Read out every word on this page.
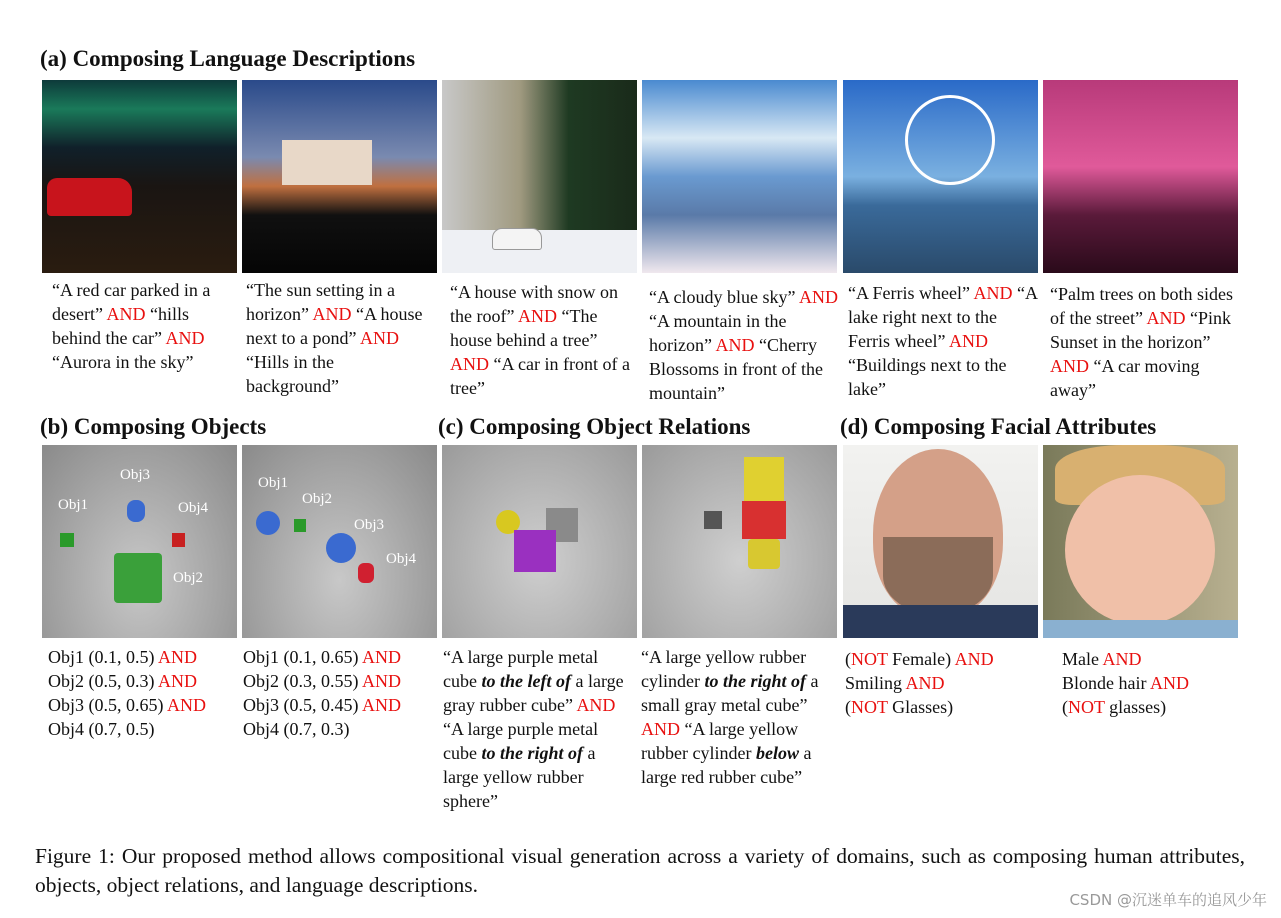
(a) Composing Language Descriptions
“A red car parked in a desert” AND “hills behind the car” AND “Aurora in the sky”
“The sun setting in a horizon” AND “A house next to a pond” AND “Hills in the background”
“A house with snow on the roof” AND “The house behind a tree” AND “A car in front of a tree”
“A cloudy blue sky” AND “A mountain in the horizon” AND “Cherry Blossoms in front of the mountain”
“A Ferris wheel” AND “A lake right next to the Ferris wheel” AND “Buildings next to the lake”
“Palm trees on both sides of the street” AND “Pink Sunset in the horizon” AND “A car moving away”
(b) Composing Objects	(c) Composing Object Relations	(d) Composing Facial Attributes
Obj1
Obj3
Obj4
Obj2
Obj1
Obj2
Obj3
Obj4
Obj1 (0.1, 0.5) AND
Obj2 (0.5, 0.3) AND
Obj3 (0.5, 0.65) AND
Obj4 (0.7, 0.5)
Obj1 (0.1, 0.65) AND
Obj2 (0.3, 0.55) AND
Obj3 (0.5, 0.45) AND
Obj4 (0.7, 0.3)
“A large purple metal cube to the left of a large gray rubber cube” AND “A large purple metal cube to the right of a large yellow rubber sphere”
“A large yellow rubber cylinder to the right of a small gray metal cube” AND “A large yellow rubber cylinder below a large red rubber cube”
(NOT Female) AND
Smiling AND
(NOT Glasses)
Male AND
Blonde hair AND
(NOT glasses)
Figure 1: Our proposed method allows compositional visual generation across a variety of domains, such as composing human attributes, objects, object relations, and language descriptions.
CSDN @沉迷单车的追风少年
